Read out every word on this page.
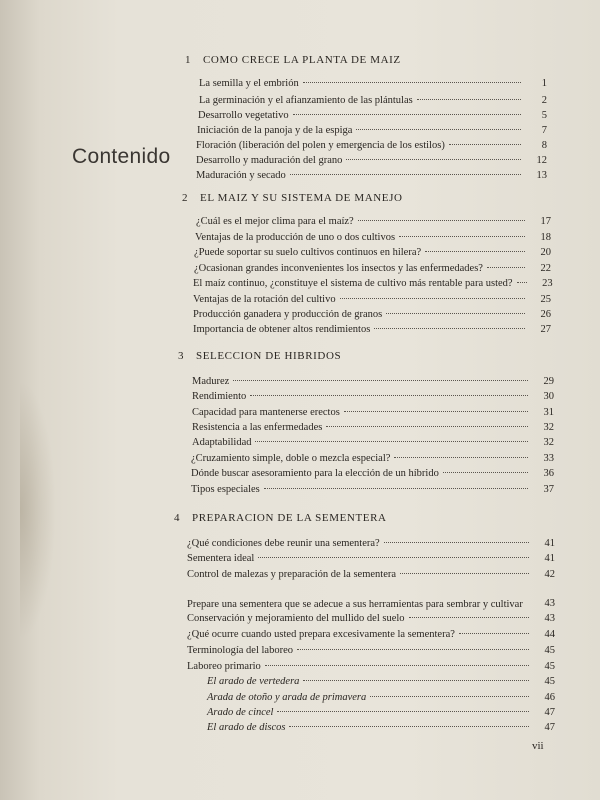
Contenido
1 COMO CRECE LA PLANTA DE MAIZ
La semilla y el embrión	1
La germinación y el afianzamiento de las plántulas	2
Desarrollo vegetativo	5
Iniciación de la panoja y de la espiga	7
Floración (liberación del polen y emergencia de los estilos)	8
Desarrollo y maduración del grano	12
Maduración y secado	13
2 EL MAIZ Y SU SISTEMA DE MANEJO
¿Cuál es el mejor clima para el maíz?	17
Ventajas de la producción de uno o dos cultivos	18
¿Puede soportar su suelo cultivos continuos en hilera?	20
¿Ocasionan grandes inconvenientes los insectos y las enfermedades?	22
El maíz continuo, ¿constituye el sistema de cultivo más rentable para usted?	23
Ventajas de la rotación del cultivo	25
Producción ganadera y producción de granos	26
Importancia de obtener altos rendimientos	27
3 SELECCION DE HIBRIDOS
Madurez	29
Rendimiento	30
Capacidad para mantenerse erectos	31
Resistencia a las enfermedades	32
Adaptabilidad	32
¿Cruzamiento simple, doble o mezcla especial?	33
Dónde buscar asesoramiento para la elección de un híbrido	36
Tipos especiales	37
4 PREPARACION DE LA SEMENTERA
¿Qué condiciones debe reunir una sementera?	41
Sementera ideal	41
Control de malezas y preparación de la sementera	42
Prepare una sementera que se adecue a sus herramientas para sembrar y cultivar	43
Conservación y mejoramiento del mullido del suelo	43
¿Qué ocurre cuando usted prepara excesivamente la sementera?	44
Terminología del laboreo	45
Laboreo primario	45
El arado de vertedera	45
Arada de otoño y arada de primavera	46
Arado de cincel	47
El arado de discos	47
vii
